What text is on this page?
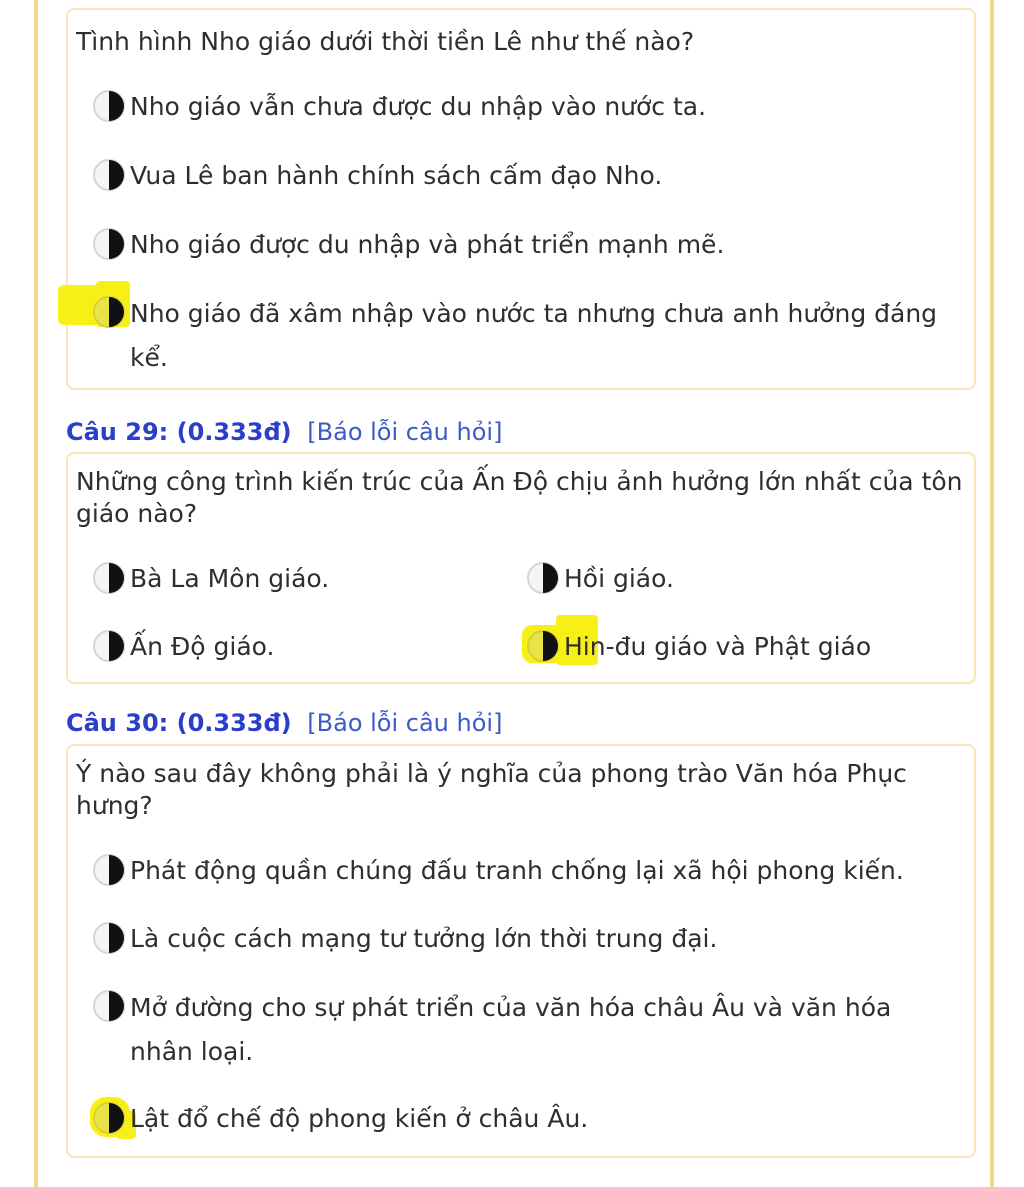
Tình hình Nho giáo dưới thời tiền Lê như thế nào?
Nho giáo vẫn chưa được du nhập vào nước ta.
Vua Lê ban hành chính sách cấm đạo Nho.
Nho giáo được du nhập và phát triển mạnh mẽ.
Nho giáo đã xâm nhập vào nước ta nhưng chưa anh hưởng đáng kể.
Câu 29: (0.333đ) [Báo lỗi câu hỏi]
Những công trình kiến trúc của Ấn Độ chịu ảnh hưởng lớn nhất của tôn giáo nào?
Bà La Môn giáo.	Hồi giáo.
Ấn Độ giáo.	Hin-đu giáo và Phật giáo
Câu 30: (0.333đ) [Báo lỗi câu hỏi]
Ý nào sau đây không phải là ý nghĩa của phong trào Văn hóa Phục hưng?
Phát động quần chúng đấu tranh chống lại xã hội phong kiến.
Là cuộc cách mạng tư tưởng lớn thời trung đại.
Mở đường cho sự phát triển của văn hóa châu Âu và văn hóa nhân loại.
Lật đổ chế độ phong kiến ở châu Âu.
